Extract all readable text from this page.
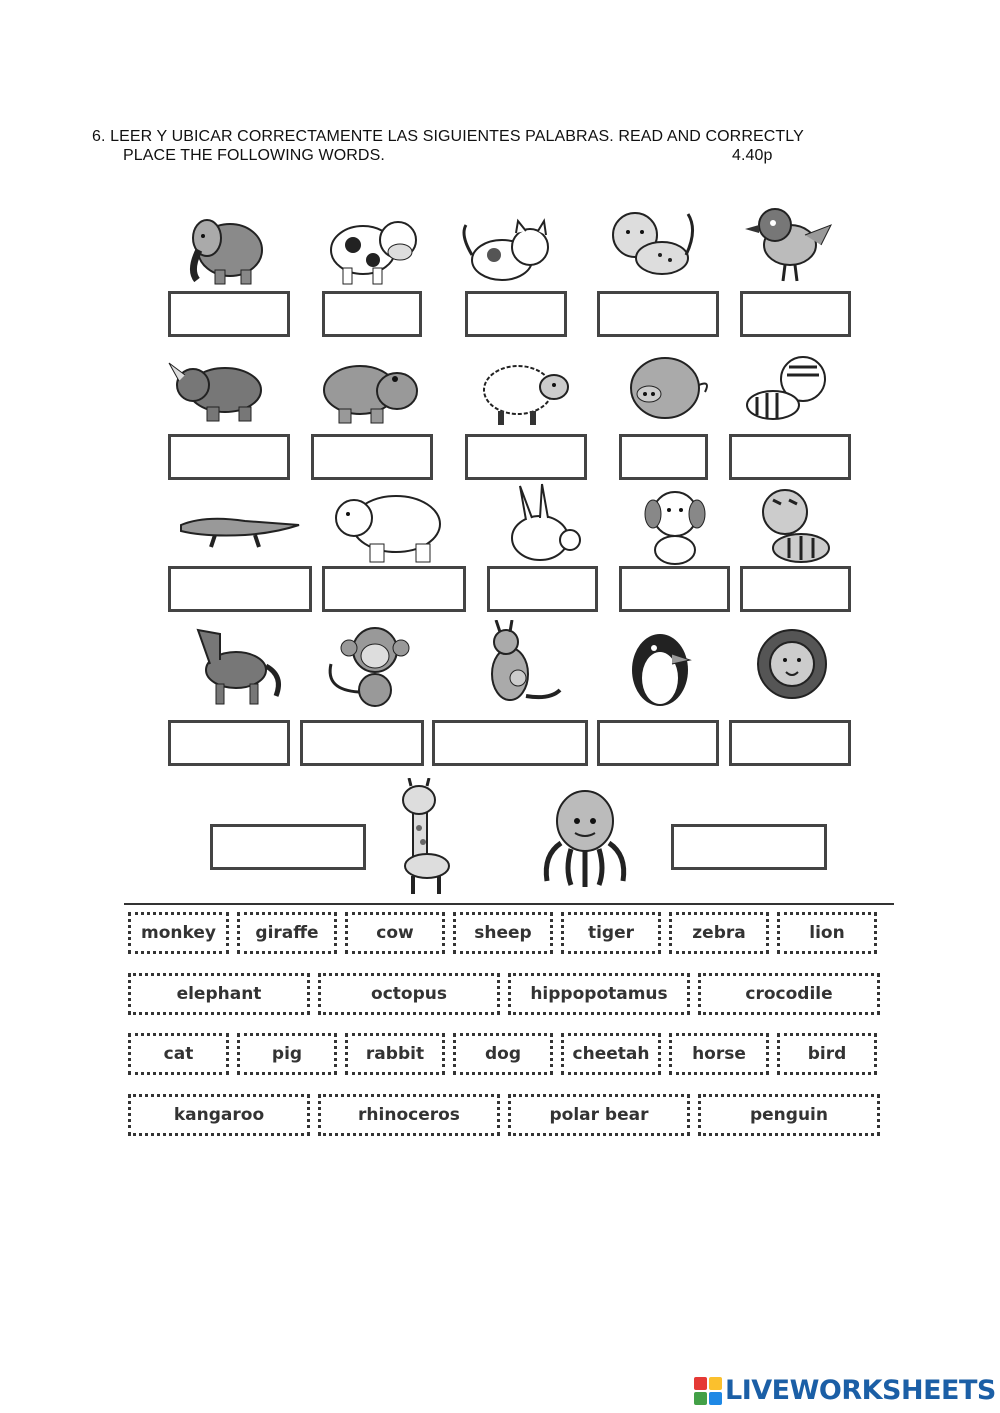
6. LEER Y UBICAR CORRECTAMENTE LAS SIGUIENTES PALABRAS. READ AND CORRECTLY
PLACE THE FOLLOWING WORDS.	4.40p
monkey	giraffe	cow	sheep	tiger	zebra	lion
elephant	octopus	hippopotamus	crocodile
cat	pig	rabbit	dog	cheetah	horse	bird
kangaroo	rhinoceros	polar bear	penguin
LIVEWORKSHEETS
